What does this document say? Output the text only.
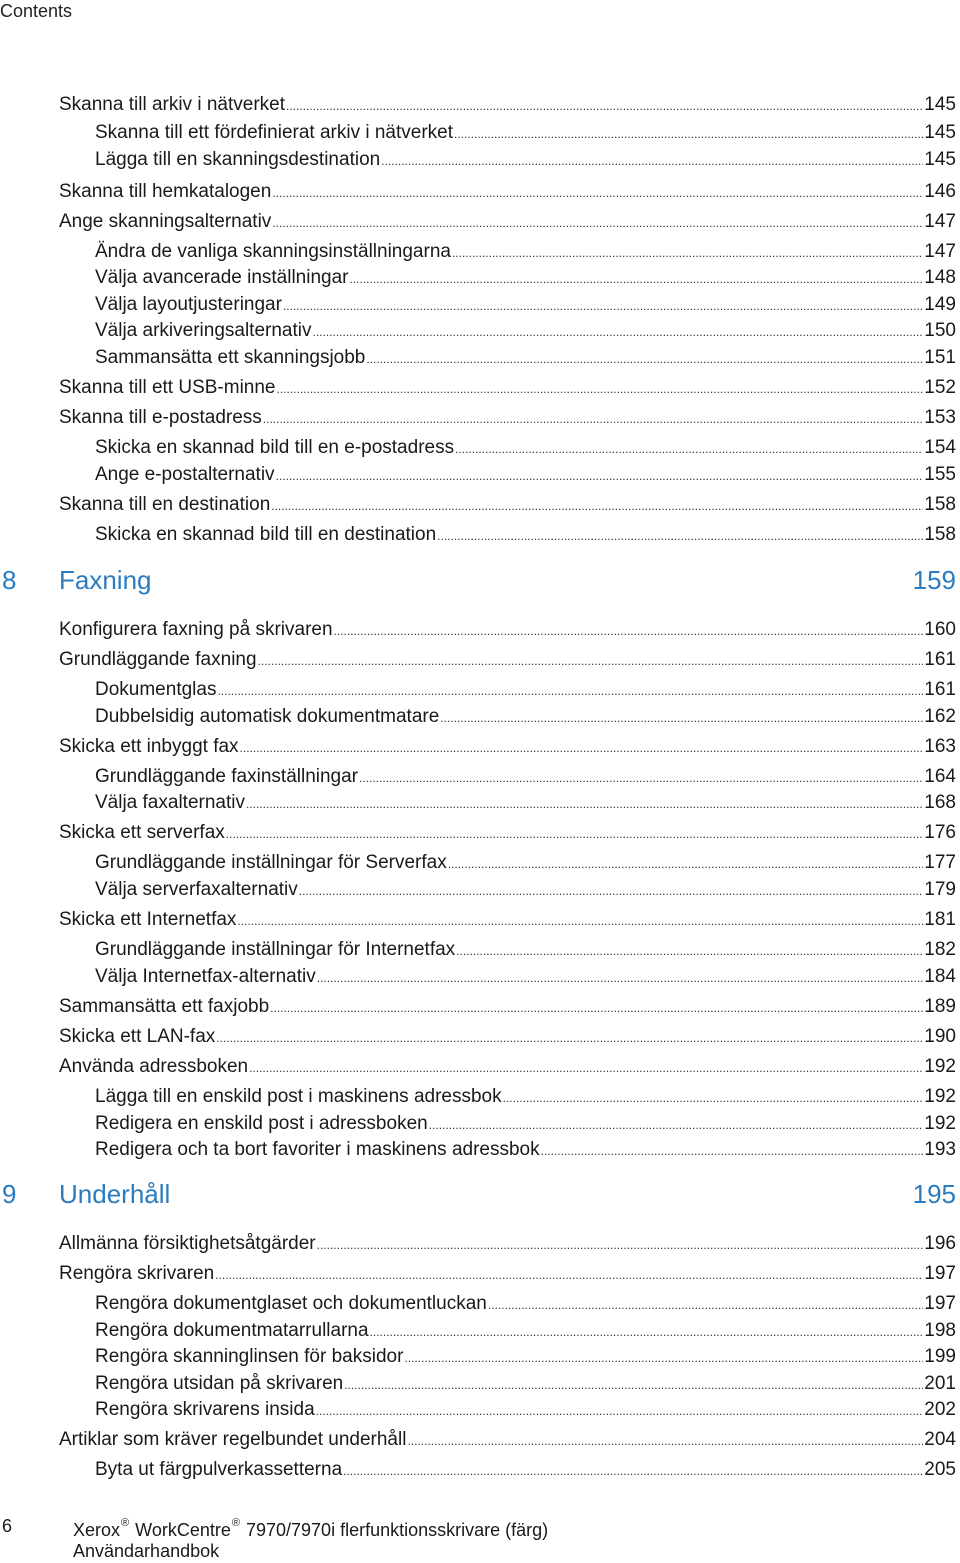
Contents
Skanna till arkiv i nätverket .....	145
Skanna till ett fördefinierat arkiv i nätverket .....	145
Lägga till en skanningsdestination .....	145
Skanna till hemkatalogen .....	146
Ange skanningsalternativ .....	147
Ändra de vanliga skanningsinställningarna .....	147
Välja avancerade inställningar .....	148
Välja layoutjusteringar .....	149
Välja arkiveringsalternativ .....	150
Sammansätta ett skanningsjobb .....	151
Skanna till ett USB-minne .....	152
Skanna till e-postadress .....	153
Skicka en skannad bild till en e-postadress .....	154
Ange e-postalternativ .....	155
Skanna till en destination .....	158
Skicka en skannad bild till en destination .....	158
8	Faxning	159
Konfigurera faxning på skrivaren .....	160
Grundläggande faxning .....	161
Dokumentglas .....	161
Dubbelsidig automatisk dokumentmatare .....	162
Skicka ett inbyggt fax .....	163
Grundläggande faxinställningar .....	164
Välja faxalternativ .....	168
Skicka ett serverfax .....	176
Grundläggande inställningar för Serverfax .....	177
Välja serverfaxalternativ .....	179
Skicka ett Internetfax .....	181
Grundläggande inställningar för Internetfax .....	182
Välja Internetfax-alternativ .....	184
Sammansätta ett faxjobb .....	189
Skicka ett LAN-fax .....	190
Använda adressboken .....	192
Lägga till en enskild post i maskinens adressbok .....	192
Redigera en enskild post i adressboken .....	192
Redigera och ta bort favoriter i maskinens adressbok .....	193
9	Underhåll	195
Allmänna försiktighetsåtgärder .....	196
Rengöra skrivaren .....	197
Rengöra dokumentglaset och dokumentluckan .....	197
Rengöra dokumentmatarrullarna .....	198
Rengöra skanninglinsen för baksidor .....	199
Rengöra utsidan på skrivaren .....	201
Rengöra skrivarens insida .....	202
Artiklar som kräver regelbundet underhåll .....	204
Byta ut färgpulverkassetterna .....	205
6	Xerox® WorkCentre® 7970/7970i flerfunktionsskrivare (färg)
Användarhandbok
